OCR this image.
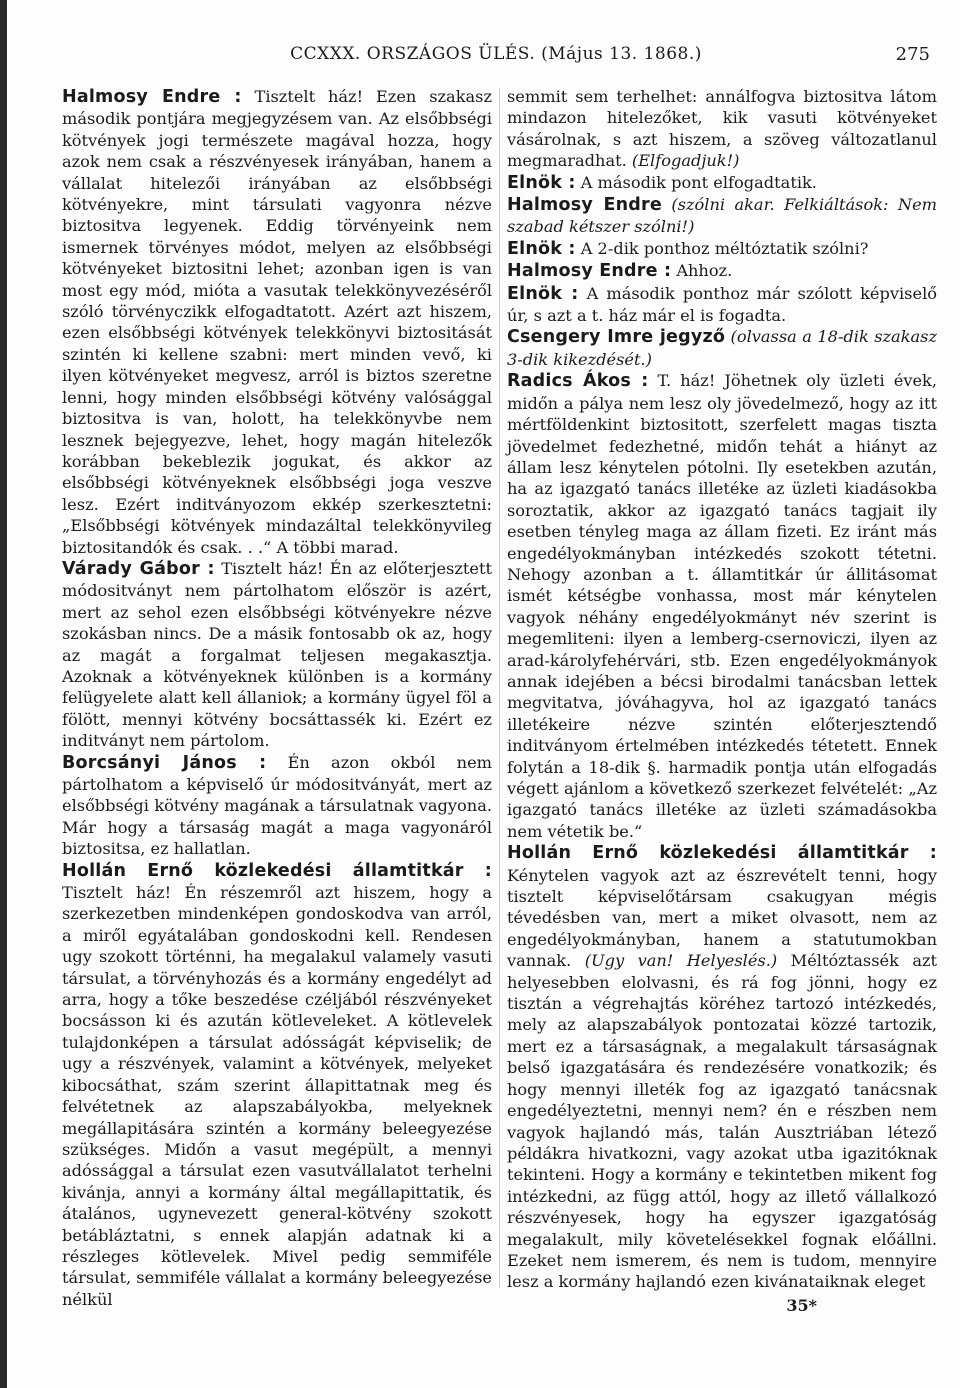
CCXXX. ORSZÁGOS ÜLÉS. (Május 13. 1868.)	275

Halmosy Endre : Tisztelt ház! Ezen szakasz második pontjára megjegyzésem van. Az elsőbbségi kötvények jogi természete magával hozza, hogy azok nem csak a részvényesek irányában, hanem a vállalat hitelezői irányában az elsőbbségi kötvényekre, mint társulati vagyonra nézve biztositva legyenek. Eddig törvényeink nem ismernek törvényes módot, melyen az elsőbbségi kötvényeket biztositni lehet; azonban igen is van most egy mód, mióta a vasutak telekkönyvezéséről szóló törvényczikk elfogadtatott. Azért azt hiszem, ezen elsőbbségi kötvények telekkönyvi biztositását szintén ki kellene szabni: mert minden vevő, ki ilyen kötvényeket megvesz, arról is biztos szeretne lenni, hogy minden elsőbbségi kötvény valósággal biztositva is van, holott, ha telekkönyvbe nem lesznek bejegyezve, lehet, hogy magán hitelezők korábban bekeblezik jogukat, és akkor az elsőbbségi kötvényeknek elsőbbségi joga veszve lesz. Ezért inditványozom ekkép szerkesztetni: „Elsőbbségi kötvények mindazáltal telekkönyvileg biztositandók és csak. . .“ A többi marad.

Várady Gábor : Tisztelt ház! Én az előterjesztett módositványt nem pártolhatom először is azért, mert az sehol ezen elsőbbségi kötvényekre nézve szokásban nincs. De a másik fontosabb ok az, hogy az magát a forgalmat teljesen megakasztja. Azoknak a kötvényeknek különben is a kormány felügyelete alatt kell állaniok; a kormány ügyel föl a fölött, mennyi kötvény bocsáttassék ki. Ezért ez inditványt nem pártolom.

Borcsányi János : Én azon okból nem pártolhatom a képviselő úr módositványát, mert az elsőbbségi kötvény magának a társulatnak vagyona. Már hogy a társaság magát a maga vagyonáról biztositsa, ez hallatlan.

Hollán Ernő közlekedési államtitkár : Tisztelt ház! Én részemről azt hiszem, hogy a szerkezetben mindenképen gondoskodva van arról, a miről egyátalában gondoskodni kell. Rendesen ugy szokott történni, ha megalakul valamely vasuti társulat, a törvényhozás és a kormány engedélyt ad arra, hogy a tőke beszedése czéljából részvényeket bocsásson ki és azután kötleveleket. A kötlevelek tulajdonképen a társulat adósságát képviselik; de ugy a részvények, valamint a kötvények, melyeket kibocsáthat, szám szerint állapittatnak meg és felvétetnek az alapszabályokba, melyeknek megállapitására szintén a kormány beleegyezése szükséges. Midőn a vasut megépült, a mennyi adóssággal a társulat ezen vasutvállalatot terhelni kivánja, annyi a kormány által megállapittatik, és átalános, ugynevezett general-kötvény szokott betábláztatni, s ennek alapján adatnak ki a részleges kötlevelek. Mivel pedig semmiféle társulat, semmiféle vállalat a kormány beleegyezése nélkül

semmit sem terhelhet: annálfogva biztositva látom mindazon hitelezőket, kik vasuti kötvényeket vásárolnak, s azt hiszem, a szöveg változatlanul megmaradhat. (Elfogadjuk!)

Elnök : A második pont elfogadtatik.

Halmosy Endre (szólni akar. Felkiáltások: Nem szabad kétszer szólni!)

Elnök : A 2-dik ponthoz méltóztatik szólni?

Halmosy Endre : Ahhoz.

Elnök : A második ponthoz már szólott képviselő úr, s azt a t. ház már el is fogadta.

Csengery Imre jegyző (olvassa a 18-dik szakasz 3-dik kikezdését.)

Radics Ákos : T. ház! Jöhetnek oly üzleti évek, midőn a pálya nem lesz oly jövedelmező, hogy az itt mértföldenkint biztositott, szerfelett magas tiszta jövedelmet fedezhetné, midőn tehát a hiányt az állam lesz kénytelen pótolni. Ily esetekben azután, ha az igazgató tanács illetéke az üzleti kiadásokba soroztatik, akkor az igazgató tanács tagjait ily esetben tényleg maga az állam fizeti. Ez iránt más engedélyokmányban intézkedés szokott tétetni. Nehogy azonban a t. államtitkár úr állitásomat ismét kétségbe vonhassa, most már kénytelen vagyok néhány engedélyokmányt név szerint is megemliteni: ilyen a lemberg-csernoviczi, ilyen az arad-károlyfehérvári, stb. Ezen engedélyokmányok annak idejében a bécsi birodalmi tanácsban lettek megvitatva, jóváhagyva, hol az igazgató tanács illetékeire nézve szintén előterjesztendő inditványom értelmében intézkedés tétetett. Ennek folytán a 18-dik §. harmadik pontja után elfogadás végett ajánlom a következő szerkezet felvételét: „Az igazgató tanács illetéke az üzleti számadásokba nem vétetik be.“

Hollán Ernő közlekedési államtitkár : Kénytelen vagyok azt az észrevételt tenni, hogy tisztelt képviselőtársam csakugyan mégis tévedésben van, mert a miket olvasott, nem az engedélyokmányban, hanem a statutumokban vannak. (Ugy van! Helyeslés.) Méltóztassék azt helyesebben elolvasni, és rá fog jönni, hogy ez tisztán a végrehajtás köréhez tartozó intézkedés, mely az alapszabályok pontozatai közzé tartozik, mert ez a társaságnak, a megalakult társaságnak belső igazgatására és rendezésére vonatkozik; és hogy mennyi illeték fog az igazgató tanácsnak engedélyeztetni, mennyi nem? én e részben nem vagyok hajlandó más, talán Ausztriában létező példákra hivatkozni, vagy azokat utba igazitóknak tekinteni. Hogy a kormány e tekintetben mikent fog intézkedni, az függ attól, hogy az illető vállalkozó részvényesek, hogy ha egyszer igazgatóság megalakult, mily követelésekkel fognak előállni. Ezeket nem ismerem, és nem is tudom, mennyire lesz a kormány hajlandó ezen kivánataiknak eleget

35*
